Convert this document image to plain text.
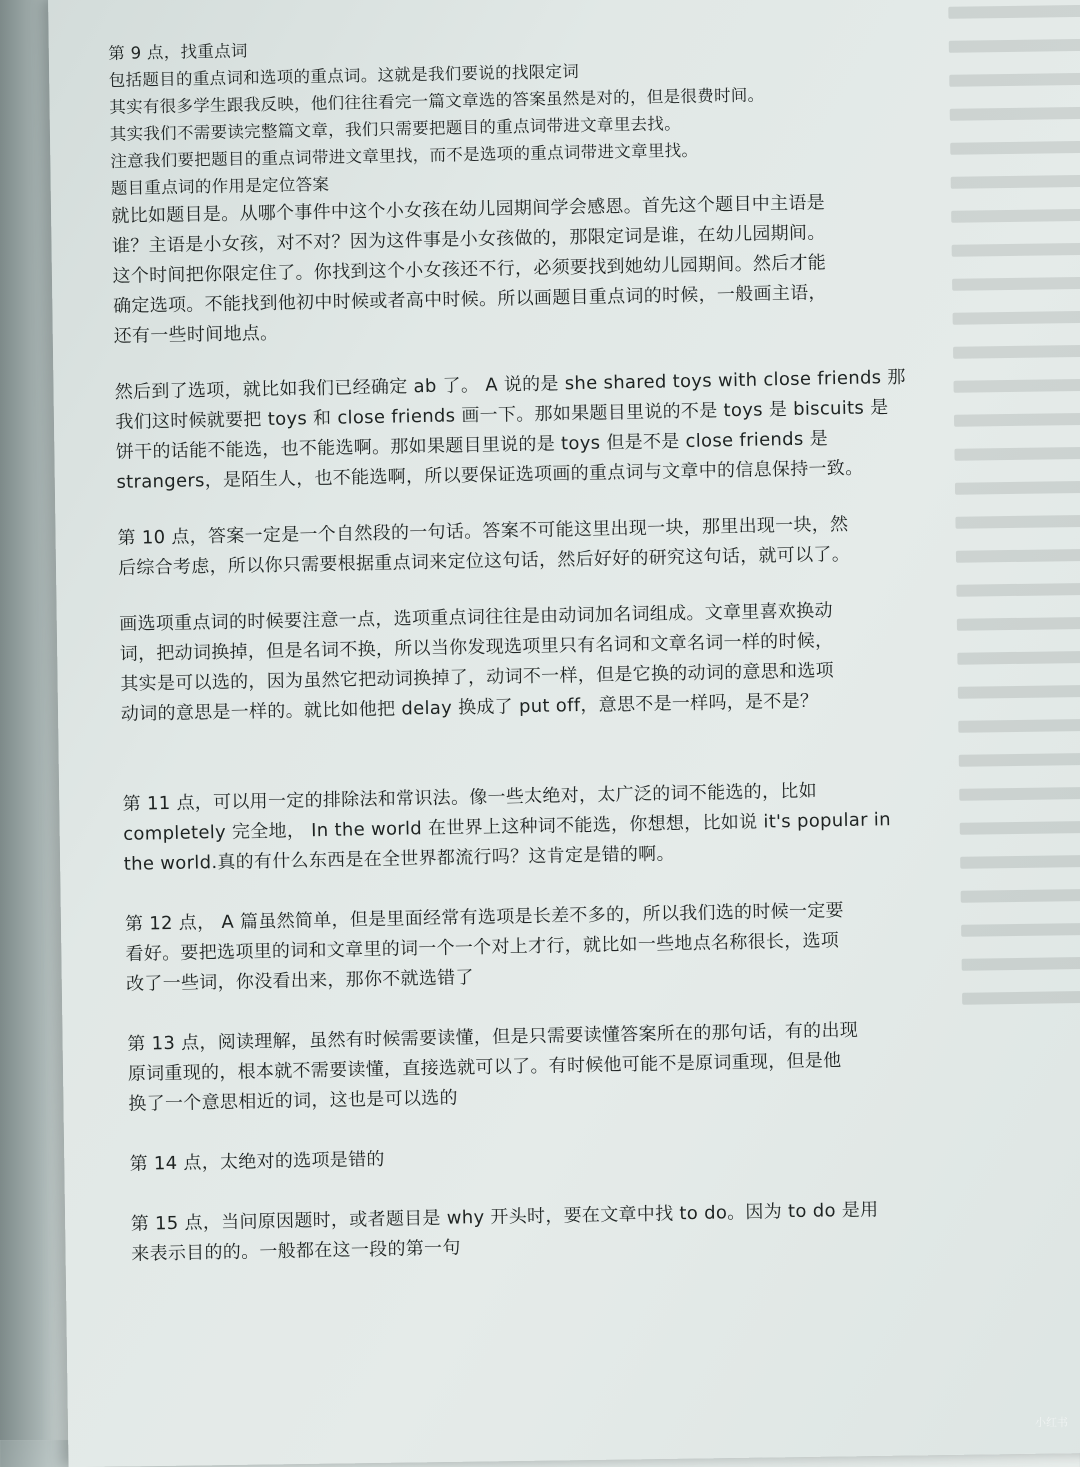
第 9 点，找重点词
包括题目的重点词和选项的重点词。这就是我们要说的找限定词
其实有很多学生跟我反映，他们往往看完一篇文章选的答案虽然是对的，但是很费时间。
其实我们不需要读完整篇文章，我们只需要把题目的重点词带进文章里去找。
注意我们要把题目的重点词带进文章里找，而不是选项的重点词带进文章里找。
题目重点词的作用是定位答案
就比如题目是。从哪个事件中这个小女孩在幼儿园期间学会感恩。首先这个题目中主语是
谁？主语是小女孩，对不对？因为这件事是小女孩做的，那限定词是谁，在幼儿园期间。
这个时间把你限定住了。你找到这个小女孩还不行，必须要找到她幼儿园期间。然后才能
确定选项。不能找到他初中时候或者高中时候。所以画题目重点词的时候，一般画主语，
还有一些时间地点。
然后到了选项，就比如我们已经确定 ab 了。 A 说的是 she shared toys with close friends 那
我们这时候就要把 toys 和 close friends 画一下。那如果题目里说的不是 toys 是 biscuits 是
饼干的话能不能选，也不能选啊。那如果题目里说的是 toys 但是不是 close friends 是
strangers，是陌生人，也不能选啊，所以要保证选项画的重点词与文章中的信息保持一致。
第 10 点，答案一定是一个自然段的一句话。答案不可能这里出现一块，那里出现一块，然
后综合考虑，所以你只需要根据重点词来定位这句话，然后好好的研究这句话，就可以了。
画选项重点词的时候要注意一点，选项重点词往往是由动词加名词组成。文章里喜欢换动
词，把动词换掉，但是名词不换，所以当你发现选项里只有名词和文章名词一样的时候，
其实是可以选的，因为虽然它把动词换掉了，动词不一样，但是它换的动词的意思和选项
动词的意思是一样的。就比如他把 delay 换成了 put off，意思不是一样吗，是不是？
第 11 点，可以用一定的排除法和常识法。像一些太绝对，太广泛的词不能选的，比如
completely 完全地， In the world 在世界上这种词不能选，你想想，比如说 it's popular in
the world.真的有什么东西是在全世界都流行吗？这肯定是错的啊。
第 12 点， A 篇虽然简单，但是里面经常有选项是长差不多的，所以我们选的时候一定要
看好。要把选项里的词和文章里的词一个一个对上才行，就比如一些地点名称很长，选项
改了一些词，你没看出来，那你不就选错了
第 13 点，阅读理解，虽然有时候需要读懂，但是只需要读懂答案所在的那句话，有的出现
原词重现的，根本就不需要读懂，直接选就可以了。有时候他可能不是原词重现，但是他
换了一个意思相近的词，这也是可以选的
第 14 点，太绝对的选项是错的
第 15 点，当问原因题时，或者题目是 why 开头时，要在文章中找 to do。因为 to do 是用
来表示目的的。一般都在这一段的第一句
小红书
